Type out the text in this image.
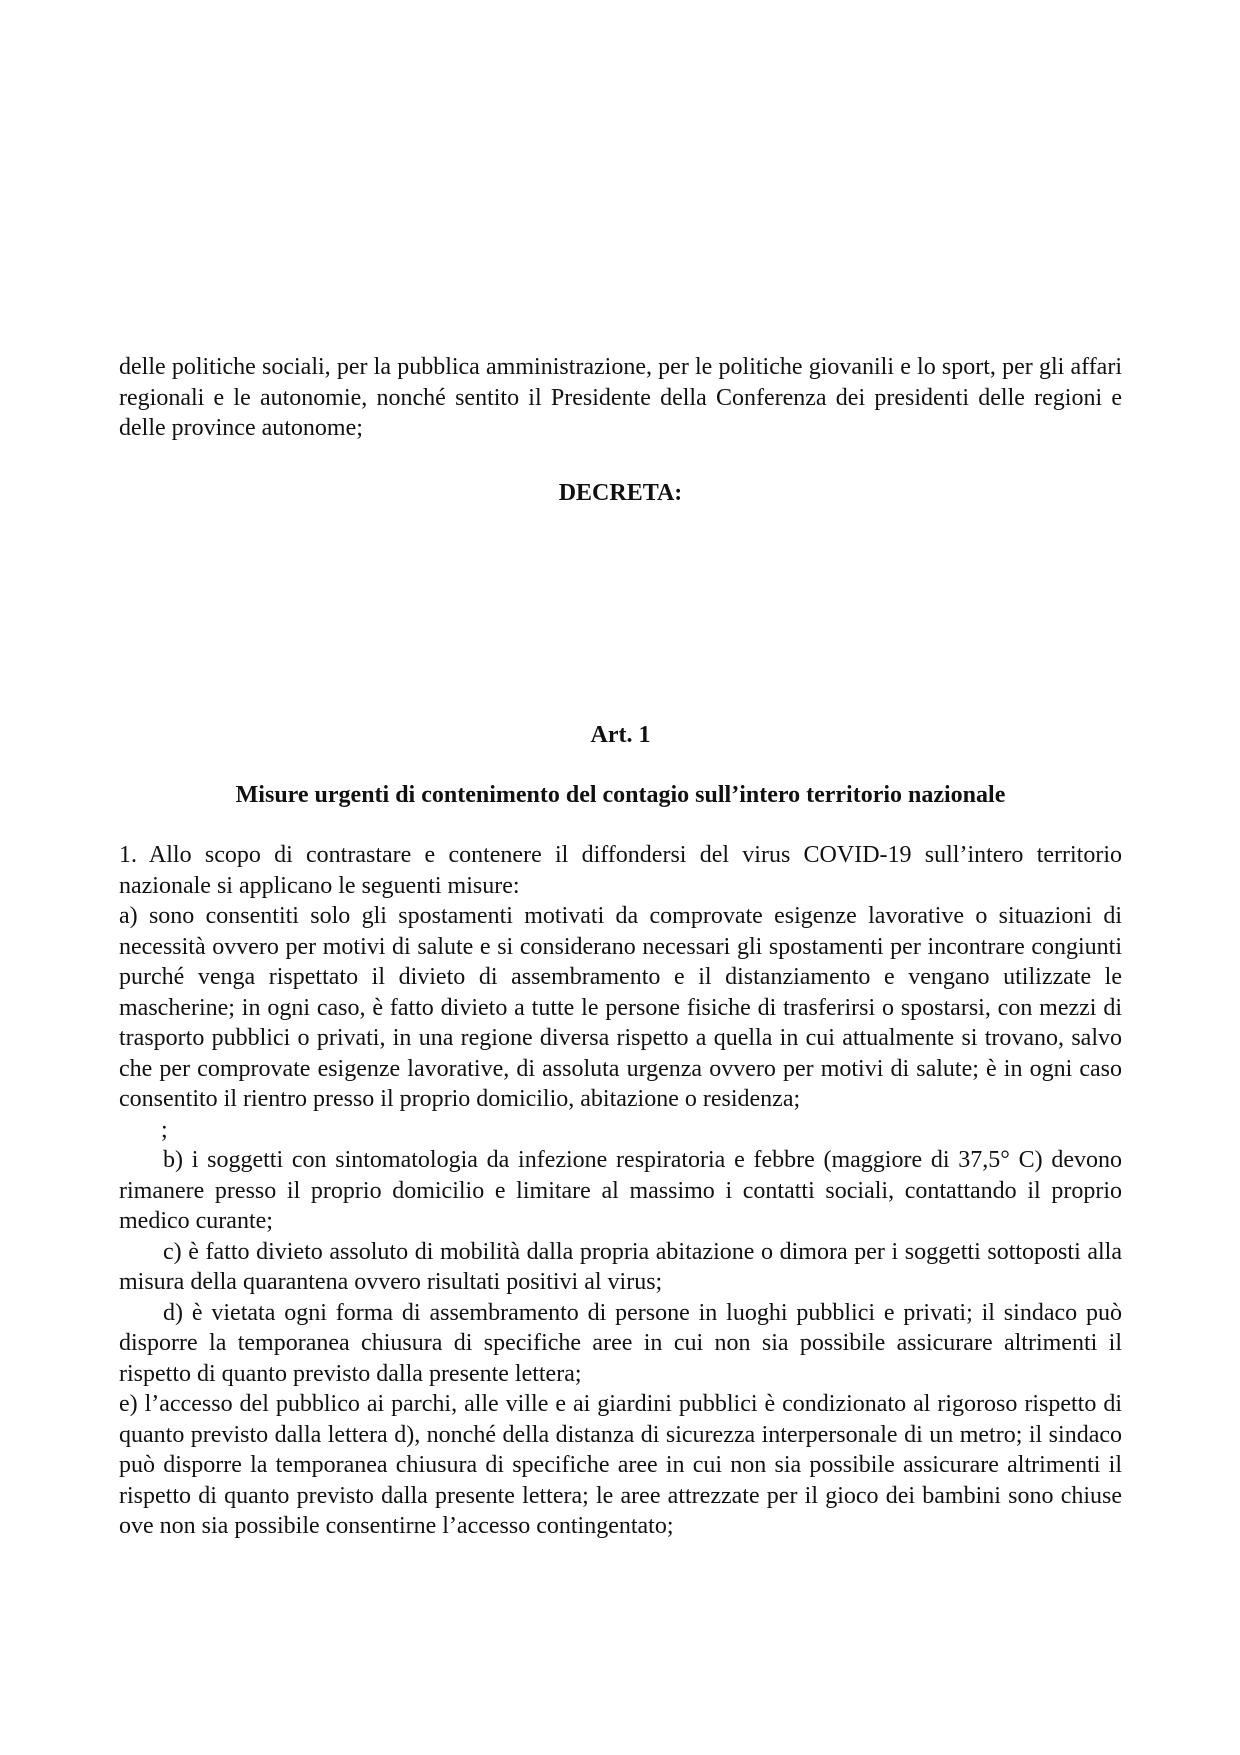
delle politiche sociali, per la pubblica amministrazione, per le politiche giovanili e lo sport, per gli affari regionali e le autonomie, nonché sentito il Presidente della Conferenza dei presidenti delle regioni e delle province autonome;

DECRETA:
Art. 1
Misure urgenti di contenimento del contagio sull’intero territorio nazionale

1. Allo scopo di contrastare e contenere il diffondersi del virus COVID-19 sull’intero territorio nazionale si applicano le seguenti misure:

a) sono consentiti solo gli spostamenti motivati da comprovate esigenze lavorative o situazioni di necessità ovvero per motivi di salute e si considerano necessari gli spostamenti per incontrare congiunti purché venga rispettato il divieto di assembramento e il distanziamento e vengano utilizzate le mascherine; in ogni caso, è fatto divieto a tutte le persone fisiche di trasferirsi o spostarsi, con mezzi di trasporto pubblici o privati, in una regione diversa rispetto a quella in cui attualmente si trovano, salvo che per comprovate esigenze lavorative, di assoluta urgenza ovvero per motivi di salute; è in ogni caso consentito il rientro presso il proprio domicilio, abitazione o residenza;

;

b) i soggetti con sintomatologia da infezione respiratoria e febbre (maggiore di 37,5° C) devono rimanere presso il proprio domicilio e limitare al massimo i contatti sociali, contattando il proprio medico curante;

c) è fatto divieto assoluto di mobilità dalla propria abitazione o dimora per i soggetti sottoposti alla misura della quarantena ovvero risultati positivi al virus;

d) è vietata ogni forma di assembramento di persone in luoghi pubblici e privati; il sindaco può disporre la temporanea chiusura di specifiche aree in cui non sia possibile assicurare altrimenti il rispetto di quanto previsto dalla presente lettera;

e) l’accesso del pubblico ai parchi, alle ville e ai giardini pubblici è condizionato al rigoroso rispetto di quanto previsto dalla lettera d), nonché della distanza di sicurezza interpersonale di un metro; il sindaco può disporre la temporanea chiusura di specifiche aree in cui non sia possibile assicurare altrimenti il rispetto di quanto previsto dalla presente lettera; le aree attrezzate per il gioco dei bambini sono chiuse ove non sia possibile consentirne l’accesso contingentato;
